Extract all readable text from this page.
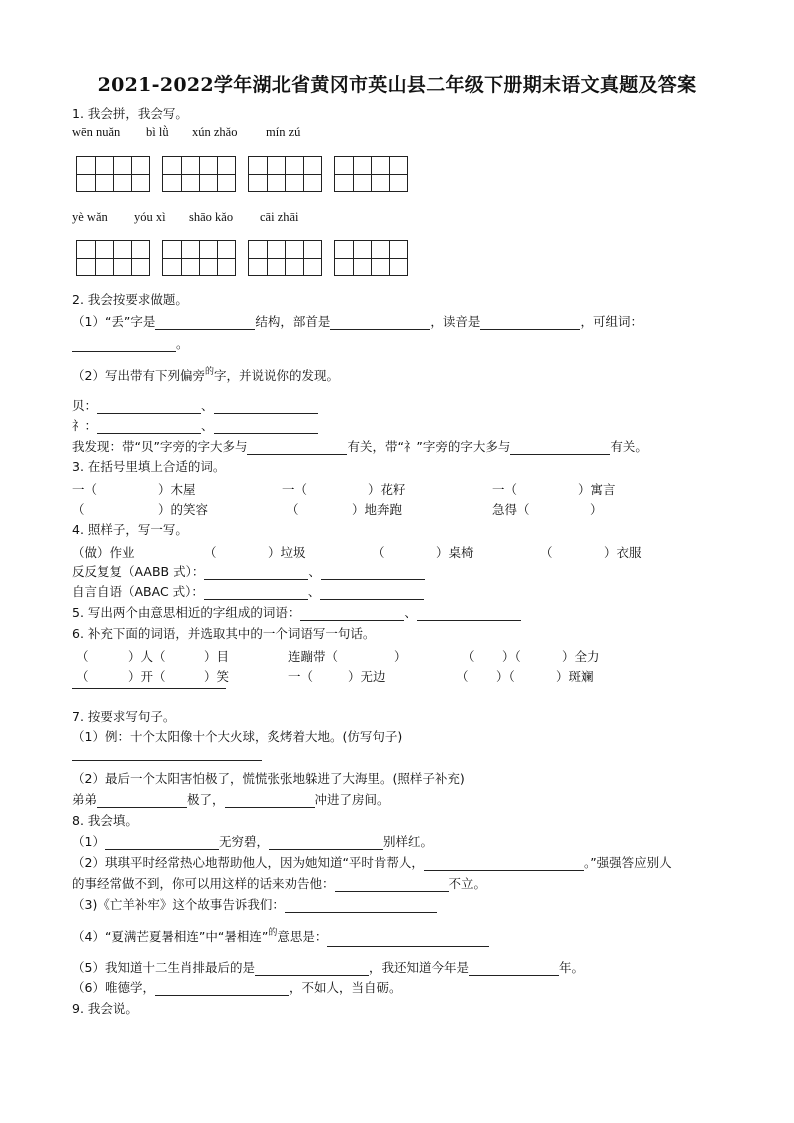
2021-2022学年湖北省黄冈市英山县二年级下册期末语文真题及答案
1. 我会拼，我会写。
wēn nuǎn bì lǜ xún zhǎo mín zú
yè wǎn yóu xì shāo kǎo cāi zhāi
2. 我会按要求做题。
（1）“丢”字是	结构，部首是	，读音是	，可组词：
。
（2）写出带有下列偏旁$^的$字，并说说你的发现。
贝：	、
礻：	、
我发现：带“贝”字旁的字大多与	有关，带“礻”字旁的字大多与	有关。
3. 在括号里填上合适的词。
一（	）木屋	一（	）花籽	一（	）寓言
（	）的笑容	（	）地奔跑	急得（	）
4. 照样子，写一写。
（做）作业	（	）垃圾	（	）桌椅	（	）衣服
反反复复（AABB 式）：	、
自言自语（ABAC 式）：	、
5. 写出两个由意思相近的字组成的词语：	、
6. 补充下面的词语，并选取其中的一个词语写一句话。
（	）人（	）目	连蹦带（	）	（ ）（	）全力
（	）开（	）笑	一（	）无边	（ ）（	）斑斓
7. 按要求写句子。
（1）例：十个太阳像十个大火球，炙烤着大地。(仿写句子)
（2）最后一个太阳害怕极了，慌慌张张地躲进了大海里。(照样子补充)
弟弟	极了，	冲进了房间。
8. 我会填。
（1）	无穷碧，	别样红。
（2）琪琪平时经常热心地帮助他人，因为她知道“平时肯帮人，	。”强强答应别人
的事经常做不到，你可以用这样的话来劝告他：	不立。
（3)《亡羊补牢》这个故事告诉我们：
（4）“夏满芒夏暑相连”中“暑相连”$^的$意思是：
（5）我知道十二生肖排最后的是	，我还知道今年是	年。
（6）唯德学，	，不如人，当自砺。
9. 我会说。
